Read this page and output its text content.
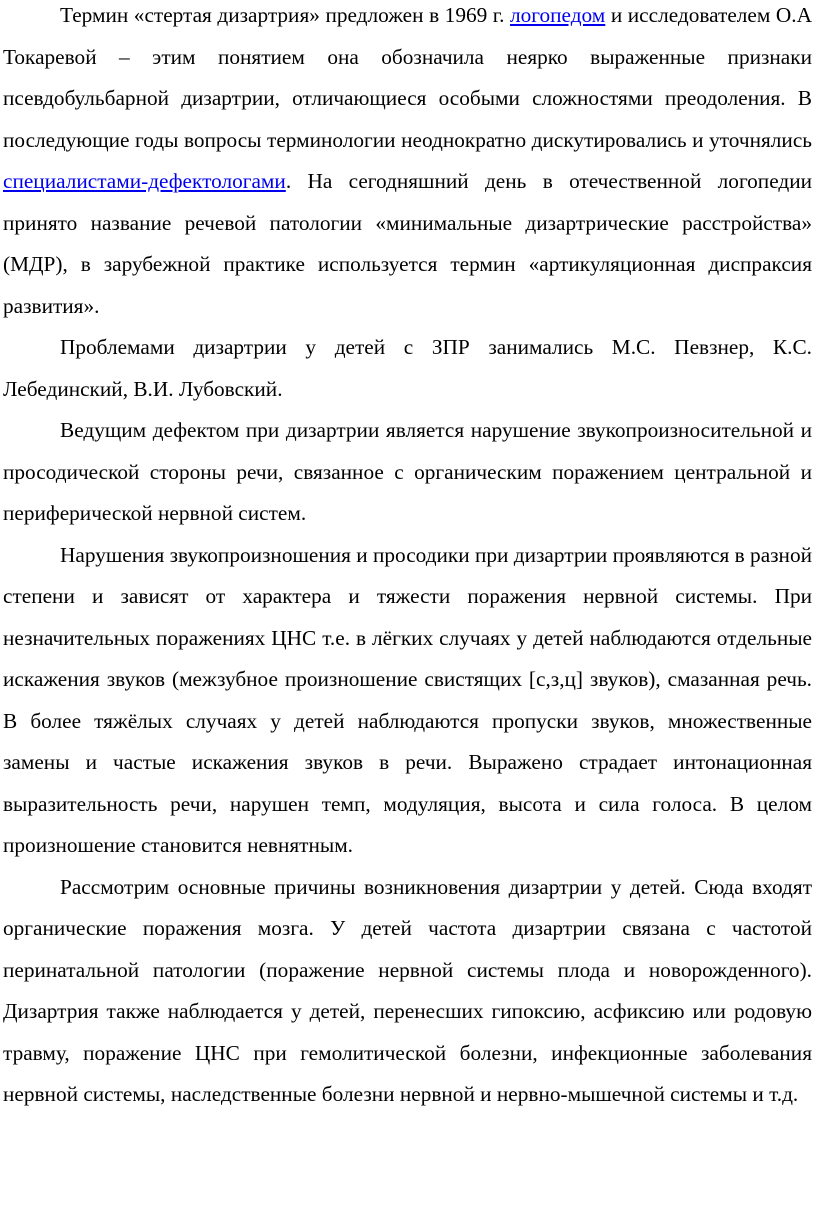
Термин «стертая дизартрия» предложен в 1969 г. логопедом и исследователем О.А Токаревой – этим понятием она обозначила неярко выраженные признаки псевдобульбарной дизартрии, отличающиеся особыми сложностями преодоления. В последующие годы вопросы терминологии неоднократно дискутировались и уточнялись специалистами-дефектологами. На сегодняшний день в отечественной логопедии принято название речевой патологии «минимальные дизартрические расстройства» (МДР), в зарубежной практике используется термин «артикуляционная диспраксия развития».

Проблемами дизартрии у детей с ЗПР занимались М.С. Певзнер, К.С. Лебединский, В.И. Лубовский.

Ведущим дефектом при дизартрии является нарушение звукопроизносительной и просодической стороны речи, связанное с органическим поражением центральной и периферической нервной систем.

Нарушения звукопроизношения и просодики при дизартрии проявляются в разной степени и зависят от характера и тяжести поражения нервной системы. При незначительных поражениях ЦНС т.е. в лёгких случаях у детей наблюдаются отдельные искажения звуков (межзубное произношение свистящих [с,з,ц] звуков), смазанная речь. В более тяжёлых случаях у детей наблюдаются пропуски звуков, множественные замены и частые искажения звуков в речи. Выражено страдает интонационная выразительность речи, нарушен темп, модуляция, высота и сила голоса. В целом произношение становится невнятным.

Рассмотрим основные причины возникновения дизартрии у детей. Сюда входят органические поражения мозга. У детей частота дизартрии связана с частотой перинатальной патологии (поражение нервной системы плода и новорожденного). Дизартрия также наблюдается у детей, перенесших гипоксию, асфиксию или родовую травму, поражение ЦНС при гемолитической болезни, инфекционные заболевания нервной системы, наследственные болезни нервной и нервно-мышечной системы и т.д.
